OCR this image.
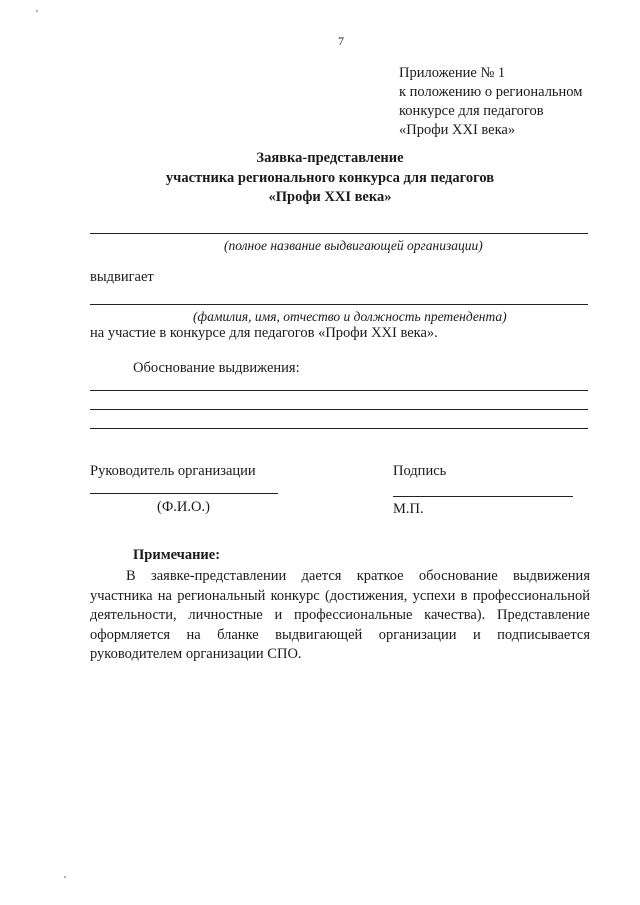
7
Приложение № 1
к положению о региональном
конкурсе для педагогов
«Профи XXI века»
Заявка-представление
участника регионального конкурса для педагогов
«Профи XXI века»
(полное название выдвигающей организации)
выдвигает
(фамилия, имя, отчество и должность претендента)
на участие в конкурсе для педагогов «Профи XXI века».
Обоснование выдвижения:
Руководитель организации	Подпись
(Ф.И.О.)	М.П.
Примечание:

В заявке-представлении дается краткое обоснование выдвижения участника на региональный конкурс (достижения, успехи в профессиональной деятельности, личностные и профессиональные качества). Представление оформляется на бланке выдвигающей организации и подписывается руководителем организации СПО.
